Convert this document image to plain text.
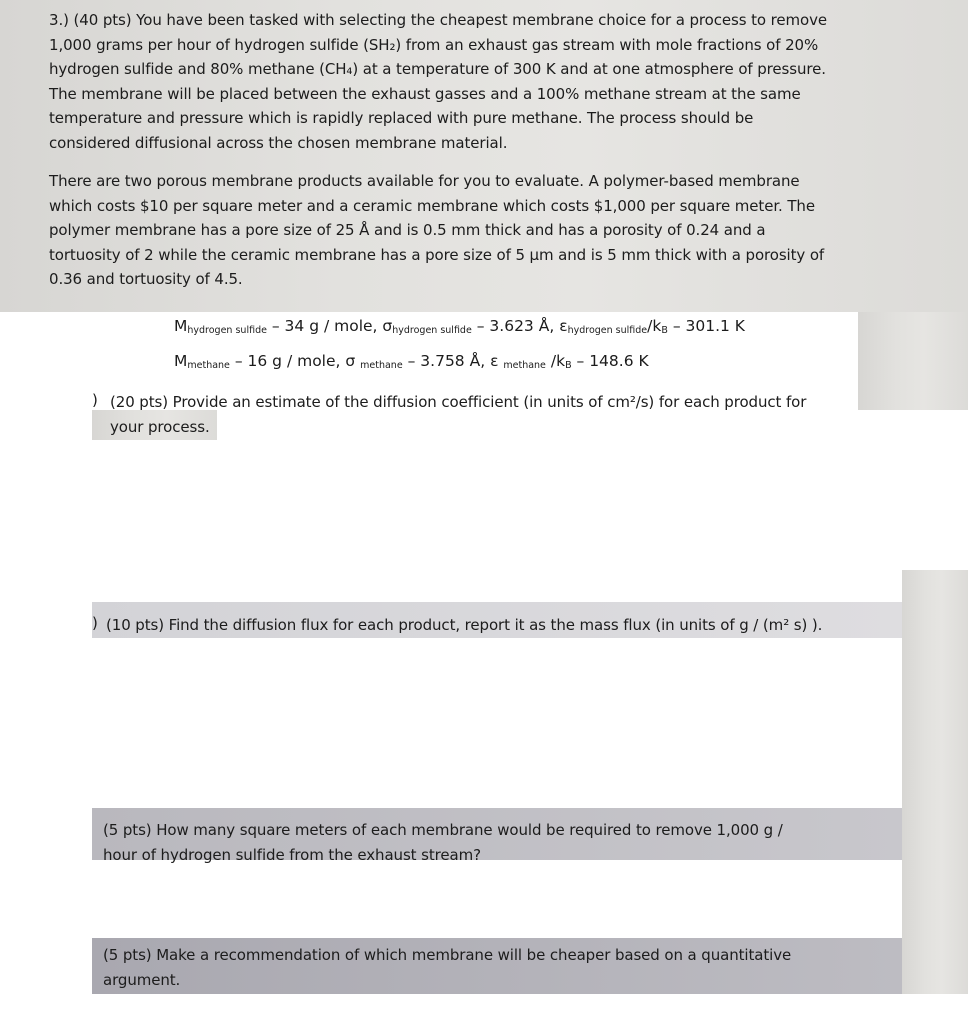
3.) (40 pts) You have been tasked with selecting the cheapest membrane choice for a process to remove
1,000 grams per hour of hydrogen sulfide (SH₂) from an exhaust gas stream with mole fractions of 20%
hydrogen sulfide and 80% methane (CH₄) at a temperature of 300 K and at one atmosphere of pressure.
The membrane will be placed between the exhaust gasses and a 100% methane stream at the same
temperature and pressure which is rapidly replaced with pure methane. The process should be
considered diffusional across the chosen membrane material.
There are two porous membrane products available for you to evaluate. A polymer-based membrane
which costs $10 per square meter and a ceramic membrane which costs $1,000 per square meter. The
polymer membrane has a pore size of 25 Å and is 0.5 mm thick and has a porosity of 0.24 and a
tortuosity of 2 while the ceramic membrane has a pore size of 5 μm and is 5 mm thick with a porosity of
0.36 and tortuosity of 4.5.
$M_{hydrogen sulfide} - 34$ g / mole, $\sigma_{hydrogen sulfide} - 3.623$ Å, $\varepsilon_{hydrogen sulfide}/k_B - 301.1$ K
$M_{methane} - 16$ g / mole, σ $_{methane}$ – 3.758 Å, ε $_{methane}$ $/k_B - 148.6$ K
) (20 pts) Provide an estimate of the diffusion coefficient (in units of cm²/s) for each product for
your process.
) (10 pts) Find the diffusion flux for each product, report it as the mass flux (in units of g / (m² s) ).
(5 pts) How many square meters of each membrane would be required to remove 1,000 g /
hour of hydrogen sulfide from the exhaust stream?
(5 pts) Make a recommendation of which membrane will be cheaper based on a quantitative
argument.
